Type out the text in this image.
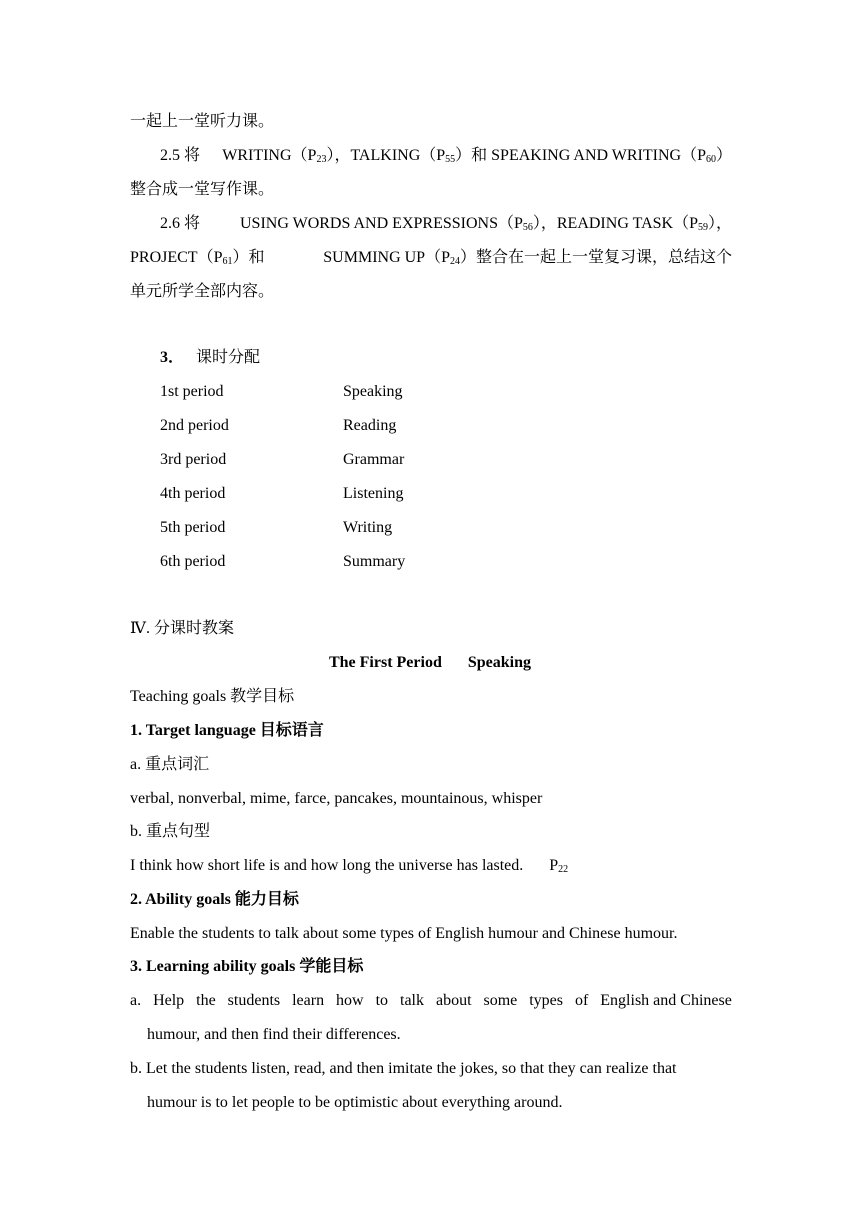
一起上一堂听力课。
2.5 将 $WRITING(P_{23})$，$TALKING(P_{55})$和 SPEAKING AND $WRITING(P_{60})$
整合成一堂写作课。
2.6 将 USING WORDS AND $EXPRESSIONS(P_{56})$，READING $TASK(P_{59})$，
$PROJECT(P_{61})$和	SUMMING $UP(P_{24})$整合在一起上一堂复习课，总结这个
单元所学全部内容。
3． 课时分配
1st period	Speaking
2nd period	Reading
3rd period	Grammar
4th period	Listening
5th period	Writing
6th period	Summary
Ⅳ. 分课时教案
The First Period Speaking
Teaching goals 教学目标
1. Target language 目标语言
a. 重点词汇
verbal, nonverbal, mime, farce, pancakes, mountainous, whisper
b. 重点句型
I think how short life is and how long the universe has lasted. $P_{22}$
2. Ability goals 能力目标
Enable the students to talk about some types of English humour and Chinese humour.
3. Learning ability goals 学能目标
a. Help the students learn how to talk about some types of English and Chinese
humour, and then find their differences.
b. Let the students listen, read, and then imitate the jokes, so that they can realize that
humour is to let people to be optimistic about everything around.
